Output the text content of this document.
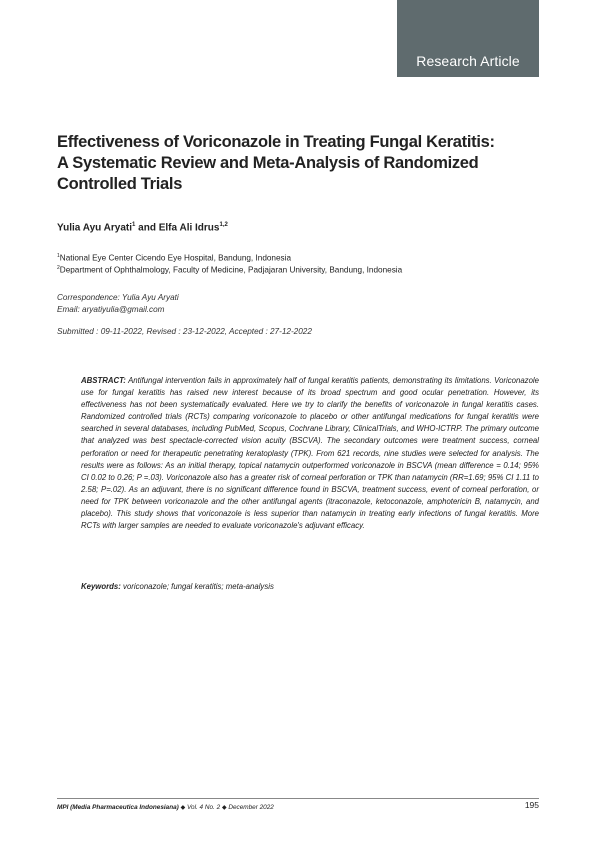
Research Article
Effectiveness of Voriconazole in Treating Fungal Keratitis:
A Systematic Review and Meta-Analysis of Randomized
Controlled Trials
Yulia Ayu Aryati$^1$ and Elfa Ali Idrus$^{1,2}$
$^1$National Eye Center Cicendo Eye Hospital, Bandung, Indonesia
$^2$Department of Ophthalmology, Faculty of Medicine, Padjajaran University, Bandung, Indonesia
Correspondence: Yulia Ayu Aryati
Email: aryatiyulia@gmail.com
Submitted : 09-11-2022, Revised : 23-12-2022, Accepted : 27-12-2022

ABSTRACT: Antifungal intervention fails in approximately half of fungal keratitis patients, demonstrating its limitations. Voriconazole use for fungal keratitis has raised new interest because of its broad spectrum and good ocular penetration. However, its effectiveness has not been systematically evaluated. Here we try to clarify the benefits of voriconazole in fungal keratitis cases. Randomized controlled trials (RCTs) comparing voriconazole to placebo or other antifungal medications for fungal keratitis were searched in several databases, including PubMed, Scopus, Cochrane Library, ClinicalTrials, and WHO-ICTRP. The primary outcome that analyzed was best spectacle-corrected vision acuity (BSCVA). The secondary outcomes were treatment success, corneal perforation or need for therapeutic penetrating keratoplasty (TPK). From 621 records, nine studies were selected for analysis. The results were as follows: As an initial therapy, topical natamycin outperformed voriconazole in BSCVA (mean difference = 0.14; 95% CI 0.02 to 0.26; P =.03). Voriconazole also has a greater risk of corneal perforation or TPK than natamycin (RR=1.69; 95% CI 1.11 to 2.58; P=.02). As an adjuvant, there is no significant difference found in BSCVA, treatment success, event of corneal perforation, or need for TPK between voriconazole and the other antifungal agents (itraconazole, ketoconazole, amphotericin B, natamycin, and placebo). This study shows that voriconazole is less superior than natamycin in treating early infections of fungal keratitis. More RCTs with larger samples are needed to evaluate voriconazole's adjuvant efficacy.

Keywords: voriconazole; fungal keratitis; meta-analysis
MPI (Media Pharmaceutica Indonesiana) ◆ Vol. 4 No. 2 ◆ December 2022	195
